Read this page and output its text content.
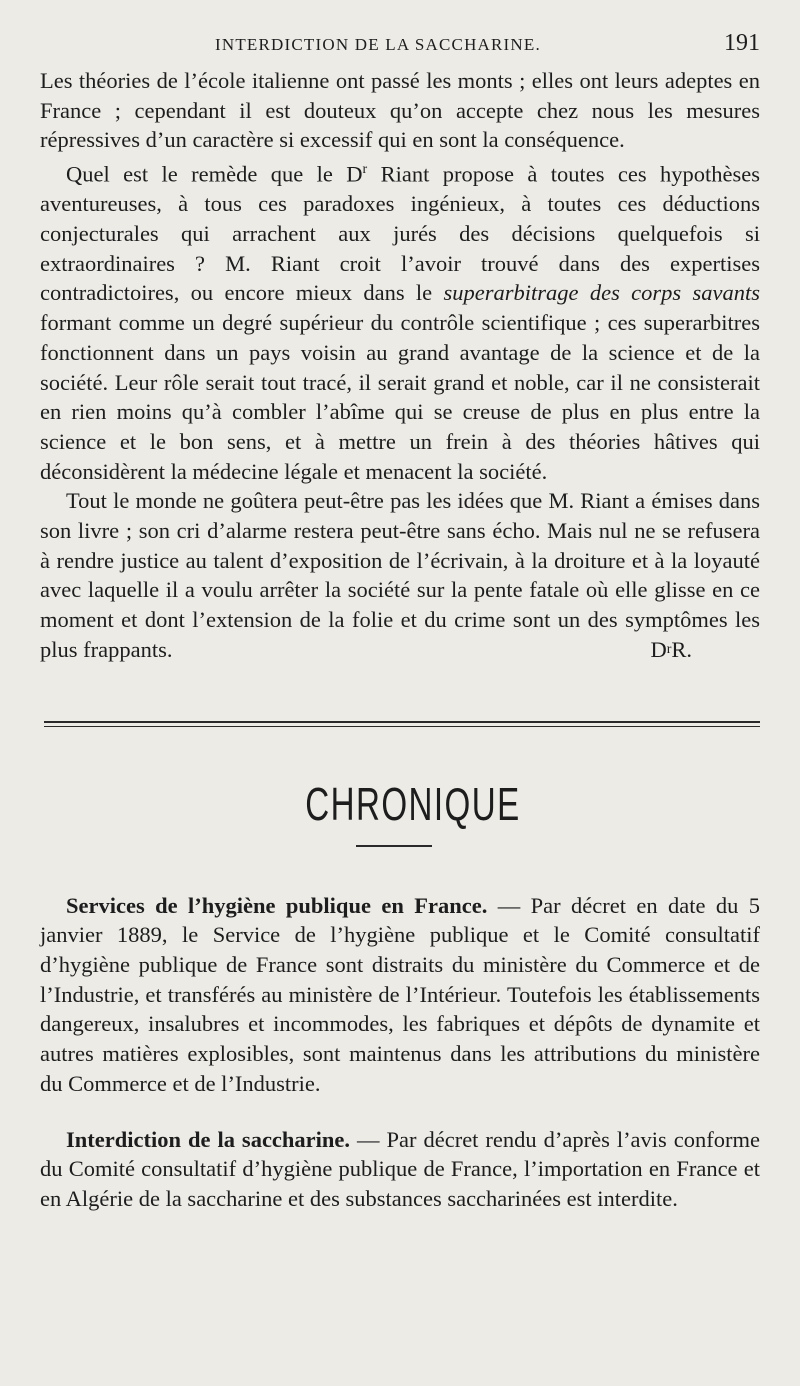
INTERDICTION DE LA SACCHARINE.	191

Les théories de l’école italienne ont passé les monts ; elles ont leurs adeptes en France ; cependant il est douteux qu’on accepte chez nous les mesures répressives d’un caractère si excessif qui en sont la conséquence.

Quel est le remède que le $D^r$ Riant propose à toutes ces hypothèses aventureuses, à tous ces paradoxes ingénieux, à toutes ces déductions conjecturales qui arrachent aux jurés des décisions quelquefois si extraordinaires ? M. Riant croit l’avoir trouvé dans des expertises contradictoires, ou encore mieux dans le superarbitrage des corps savants formant comme un degré supérieur du contrôle scientifique ; ces superarbitres fonctionnent dans un pays voisin au grand avantage de la science et de la société. Leur rôle serait tout tracé, il serait grand et noble, car il ne consisterait en rien moins qu’à combler l’abîme qui se creuse de plus en plus entre la science et le bon sens, et à mettre un frein à des théories hâtives qui déconsidèrent la médecine légale et menacent la société.

Tout le monde ne goûtera peut-être pas les idées que M. Riant a émises dans son livre ; son cri d’alarme restera peut-être sans écho. Mais nul ne se refusera à rendre justice au talent d’exposition de l’écrivain, à la droiture et à la loyauté avec laquelle il a voulu arrêter la société sur la pente fatale où elle glisse en ce moment et dont l’extension de la folie et du crime sont un des symptômes les plus frappants.	D r R.
CHRONIQUE

Services de l’hygiène publique en France. — Par décret en date du 5 janvier 1889, le Service de l’hygiène publique et le Comité consultatif d’hygiène publique de France sont distraits du ministère du Commerce et de l’Industrie, et transférés au ministère de l’Intérieur. Toutefois les établissements dangereux, insalubres et incommodes, les fabriques et dépôts de dynamite et autres matières explosibles, sont maintenus dans les attributions du ministère du Commerce et de l’Industrie.

Interdiction de la saccharine. — Par décret rendu d’après l’avis conforme du Comité consultatif d’hygiène publique de France, l’importation en France et en Algérie de la saccharine et des substances saccharinées est interdite.
